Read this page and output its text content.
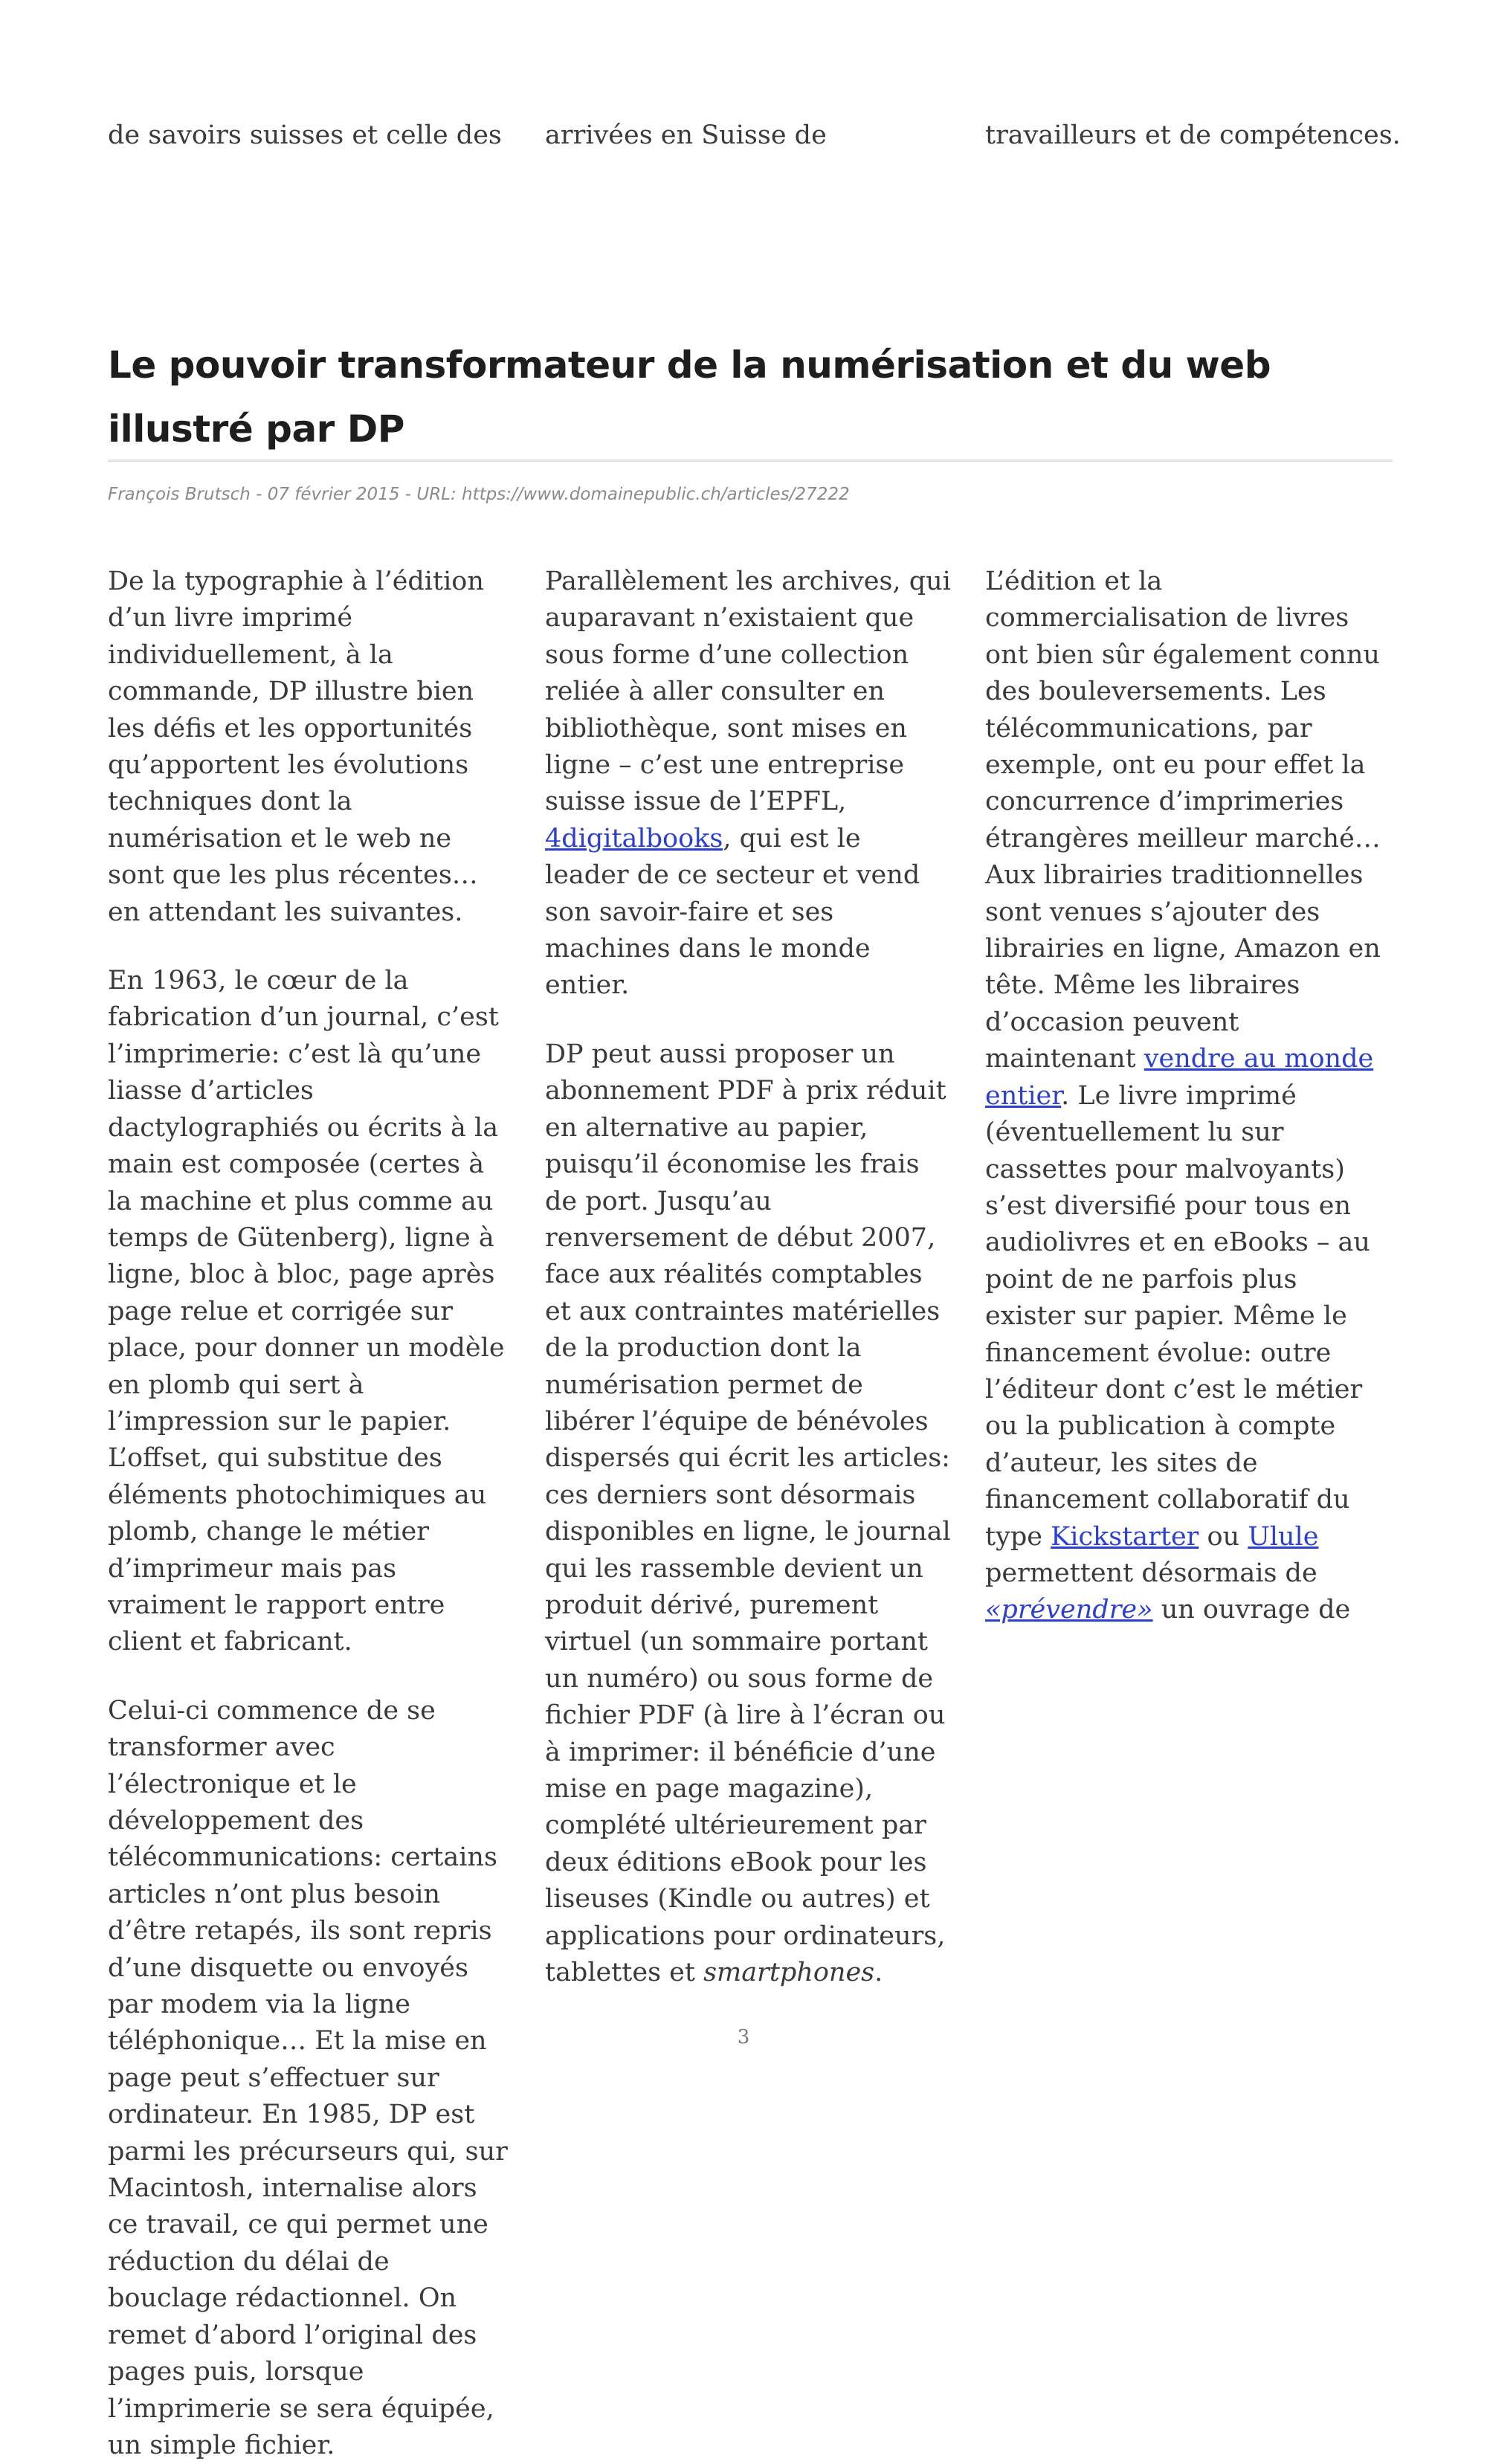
de savoirs suisses et celle des arrivées en Suisse de	travailleurs et de compétences.
Le pouvoir transformateur de la numérisation et du web illustré par DP
François Brutsch - 07 février 2015 - URL: https://www.domainepublic.ch/articles/27222

De la typographie à l’édition d’un livre imprimé individuellement, à la commande, DP illustre bien les défis et les opportunités qu’apportent les évolutions techniques dont la numérisation et le web ne sont que les plus récentes… en attendant les suivantes.

En 1963, le cœur de la fabrication d’un journal, c’est l’imprimerie: c’est là qu’une liasse d’articles dactylographiés ou écrits à la main est composée (certes à la machine et plus comme au temps de Gütenberg), ligne à ligne, bloc à bloc, page après page relue et corrigée sur place, pour donner un modèle en plomb qui sert à l’impression sur le papier. L’offset, qui substitue des éléments photochimiques au plomb, change le métier d’imprimeur mais pas vraiment le rapport entre client et fabricant.

Celui-ci commence de se transformer avec l’électronique et le développement des télécommunications: certains articles n’ont plus besoin d’être retapés, ils sont repris d’une disquette ou envoyés par modem via la ligne téléphonique… Et la mise en page peut s’effectuer sur ordinateur. En 1985, DP est parmi les précurseurs qui, sur Macintosh, internalise alors ce travail, ce qui permet une réduction du délai de bouclage rédactionnel. On remet d’abord l’original des pages puis, lorsque l’imprimerie se sera équipée, un simple fichier.

Parallèlement les archives, qui auparavant n’existaient que sous forme d’une collection reliée à aller consulter en bibliothèque, sont mises en ligne – c’est une entreprise suisse issue de l’EPFL, 4digitalbooks, qui est le leader de ce secteur et vend son savoir-faire et ses machines dans le monde entier.

DP peut aussi proposer un abonnement PDF à prix réduit en alternative au papier, puisqu’il économise les frais de port. Jusqu’au renversement de début 2007, face aux réalités comptables et aux contraintes matérielles de la production dont la numérisation permet de libérer l’équipe de bénévoles dispersés qui écrit les articles: ces derniers sont désormais disponibles en ligne, le journal qui les rassemble devient un produit dérivé, purement virtuel (un sommaire portant un numéro) ou sous forme de fichier PDF (à lire à l’écran ou à imprimer: il bénéficie d’une mise en page magazine), complété ultérieurement par deux éditions eBook pour les liseuses (Kindle ou autres) et applications pour ordinateurs, tablettes et smartphones.

L’édition et la commercialisation de livres ont bien sûr également connu des bouleversements. Les télécommunications, par exemple, ont eu pour effet la concurrence d’imprimeries étrangères meilleur marché… Aux librairies traditionnelles sont venues s’ajouter des librairies en ligne, Amazon en tête. Même les libraires d’occasion peuvent maintenant vendre au monde entier. Le livre imprimé (éventuellement lu sur cassettes pour malvoyants) s’est diversifié pour tous en audiolivres et en eBooks – au point de ne parfois plus exister sur papier. Même le financement évolue: outre l’éditeur dont c’est le métier ou la publication à compte d’auteur, les sites de financement collaboratif du type Kickstarter ou Ulule permettent désormais de «prévendre» un ouvrage de

3
